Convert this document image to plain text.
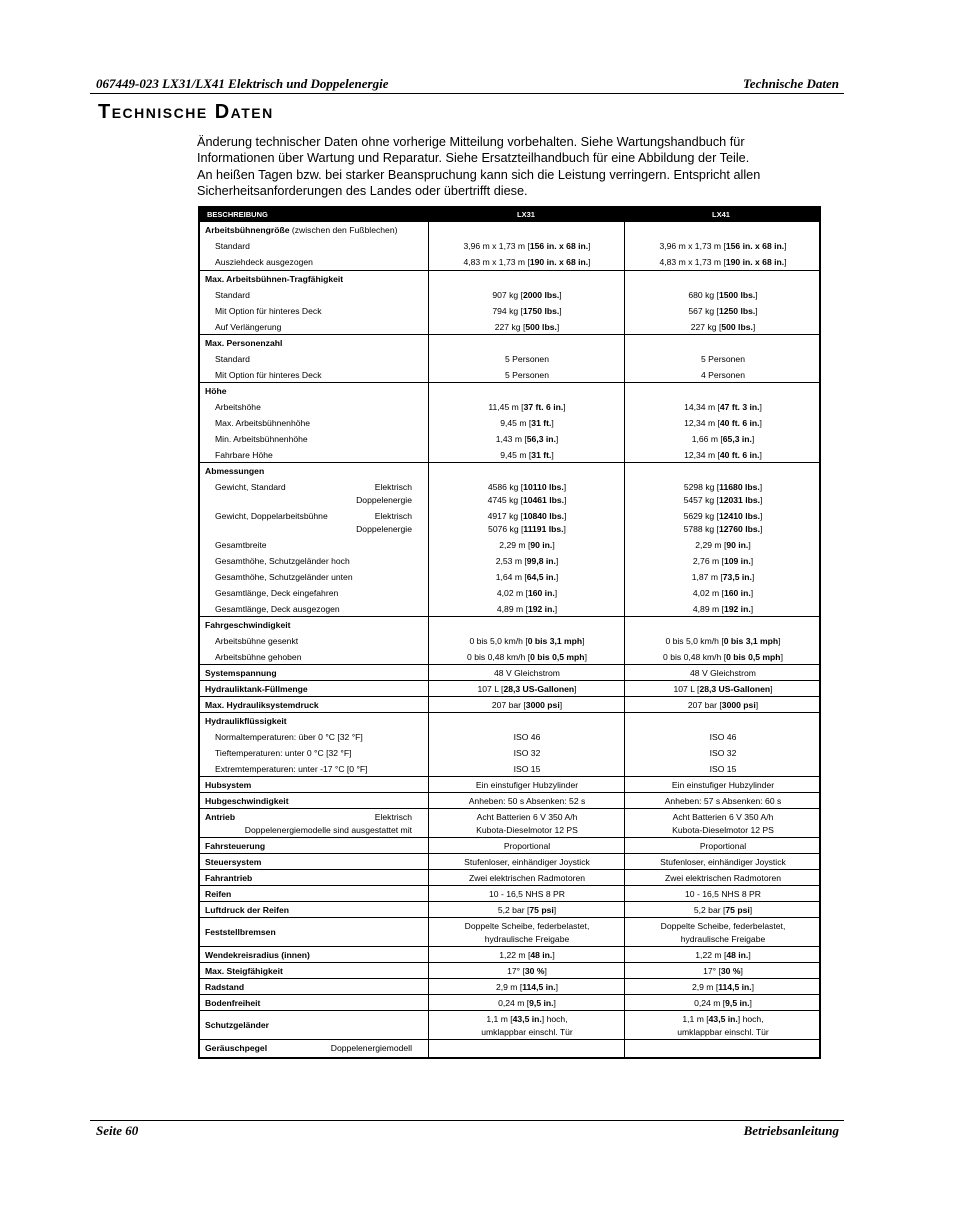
067449-023 LX31/LX41 Elektrisch und Doppelenergie	Technische Daten
Technische Daten
Änderung technischer Daten ohne vorherige Mitteilung vorbehalten. Siehe Wartungshandbuch für
Informationen über Wartung und Reparatur. Siehe Ersatzteilhandbuch für eine Abbildung der Teile.
An heißen Tagen bzw. bei starker Beanspruchung kann sich die Leistung verringern. Entspricht allen
Sicherheitsanforderungen des Landes oder übertrifft diese.
BESCHREIBUNG	LX31	LX41
Arbeitsbühnengröße (zwischen den Fußblechen)
Standard	3,96 m x 1,73 m [156 in. x 68 in.]	3,96 m x 1,73 m [156 in. x 68 in.]
Ausziehdeck ausgezogen	4,83 m x 1,73 m [190 in. x 68 in.]	4,83 m x 1,73 m [190 in. x 68 in.]
Max. Arbeitsbühnen-Tragfähigkeit
Standard	907 kg [2000 lbs.]	680 kg [1500 lbs.]
Mit Option für hinteres Deck	794 kg [1750 lbs.]	567 kg [1250 lbs.]
Auf Verlängerung	227 kg [500 lbs.]	227 kg [500 lbs.]
Max. Personenzahl
Standard	5 Personen	5 Personen
Mit Option für hinteres Deck	5 Personen	4 Personen
Höhe
Arbeitshöhe	11,45 m [37 ft. 6 in.]	14,34 m [47 ft. 3 in.]
Max. Arbeitsbühnenhöhe	9,45 m [31 ft.]	12,34 m [40 ft. 6 in.]
Min. Arbeitsbühnenhöhe	1,43 m [56,3 in.]	1,66 m [65,3 in.]
Fahrbare Höhe	9,45 m [31 ft.]	12,34 m [40 ft. 6 in.]
Abmessungen
Gewicht, Standard	Elektrisch	4586 kg [10110 lbs.]	5298 kg [11680 lbs.]
Doppelenergie	4745 kg [10461 lbs.]	5457 kg [12031 lbs.]
Gewicht, Doppelarbeitsbühne	Elektrisch	4917 kg [10840 lbs.]	5629 kg [12410 lbs.]
Doppelenergie	5076 kg [11191 lbs.]	5788 kg [12760 lbs.]
Gesamtbreite	2,29 m [90 in.]	2,29 m [90 in.]
Gesamthöhe, Schutzgeländer hoch	2,53 m [99,8 in.]	2,76 m [109 in.]
Gesamthöhe, Schutzgeländer unten	1,64 m [64,5 in.]	1,87 m [73,5 in.]
Gesamtlänge, Deck eingefahren	4,02 m [160 in.]	4,02 m [160 in.]
Gesamtlänge, Deck ausgezogen	4,89 m [192 in.]	4,89 m [192 in.]
Fahrgeschwindigkeit
Arbeitsbühne gesenkt	0 bis 5,0 km/h [0 bis 3,1 mph]	0 bis 5,0 km/h [0 bis 3,1 mph]
Arbeitsbühne gehoben	0 bis 0,48 km/h [0 bis 0,5 mph]	0 bis 0,48 km/h [0 bis 0,5 mph]
Systemspannung	48 V Gleichstrom	48 V Gleichstrom
Hydrauliktank-Füllmenge	107 L [28,3 US-Gallonen]	107 L [28,3 US-Gallonen]
Max. Hydrauliksystemdruck	207 bar [3000 psi]	207 bar [3000 psi]
Hydraulikflüssigkeit
Normaltemperaturen: über 0 °C [32 °F]	ISO 46	ISO 46
Tieftemperaturen: unter 0 °C [32 °F]	ISO 32	ISO 32
Extremtemperaturen: unter -17 °C [0 °F]	ISO 15	ISO 15
Hubsystem	Ein einstufiger Hubzylinder	Ein einstufiger Hubzylinder
Hubgeschwindigkeit	Anheben: 50 s Absenken: 52 s	Anheben: 57 s Absenken: 60 s
Antrieb	Elektrisch	Acht Batterien 6 V 350 A/h	Acht Batterien 6 V 350 A/h
Doppelenergiemodelle sind ausgestattet mit	Kubota-Dieselmotor 12 PS	Kubota-Dieselmotor 12 PS
Fahrsteuerung	Proportional	Proportional
Steuersystem	Stufenloser, einhändiger Joystick	Stufenloser, einhändiger Joystick
Fahrantrieb	Zwei elektrischen Radmotoren	Zwei elektrischen Radmotoren
Reifen	10 - 16,5 NHS 8 PR	10 - 16,5 NHS 8 PR
Luftdruck der Reifen	5,2 bar [75 psi]	5,2 bar [75 psi]
Feststellbremsen
Doppelte Scheibe, federbelastet,	Doppelte Scheibe, federbelastet,
hydraulische Freigabe	hydraulische Freigabe
Wendekreisradius (innen)	1,22 m [48 in.]	1,22 m [48 in.]
Max. Steigfähigkeit	17° [30 %]	17° [30 %]
Radstand	2,9 m [114,5 in.]	2,9 m [114,5 in.]
Bodenfreiheit	0,24 m [9,5 in.]	0,24 m [9,5 in.]
Schutzgeländer
1,1 m [43,5 in.] hoch,	1,1 m [43,5 in.] hoch,
umklappbar einschl. Tür	umklappbar einschl. Tür
Geräuschpegel	Doppelenergiemodell
Seite 60	Betriebsanleitung
